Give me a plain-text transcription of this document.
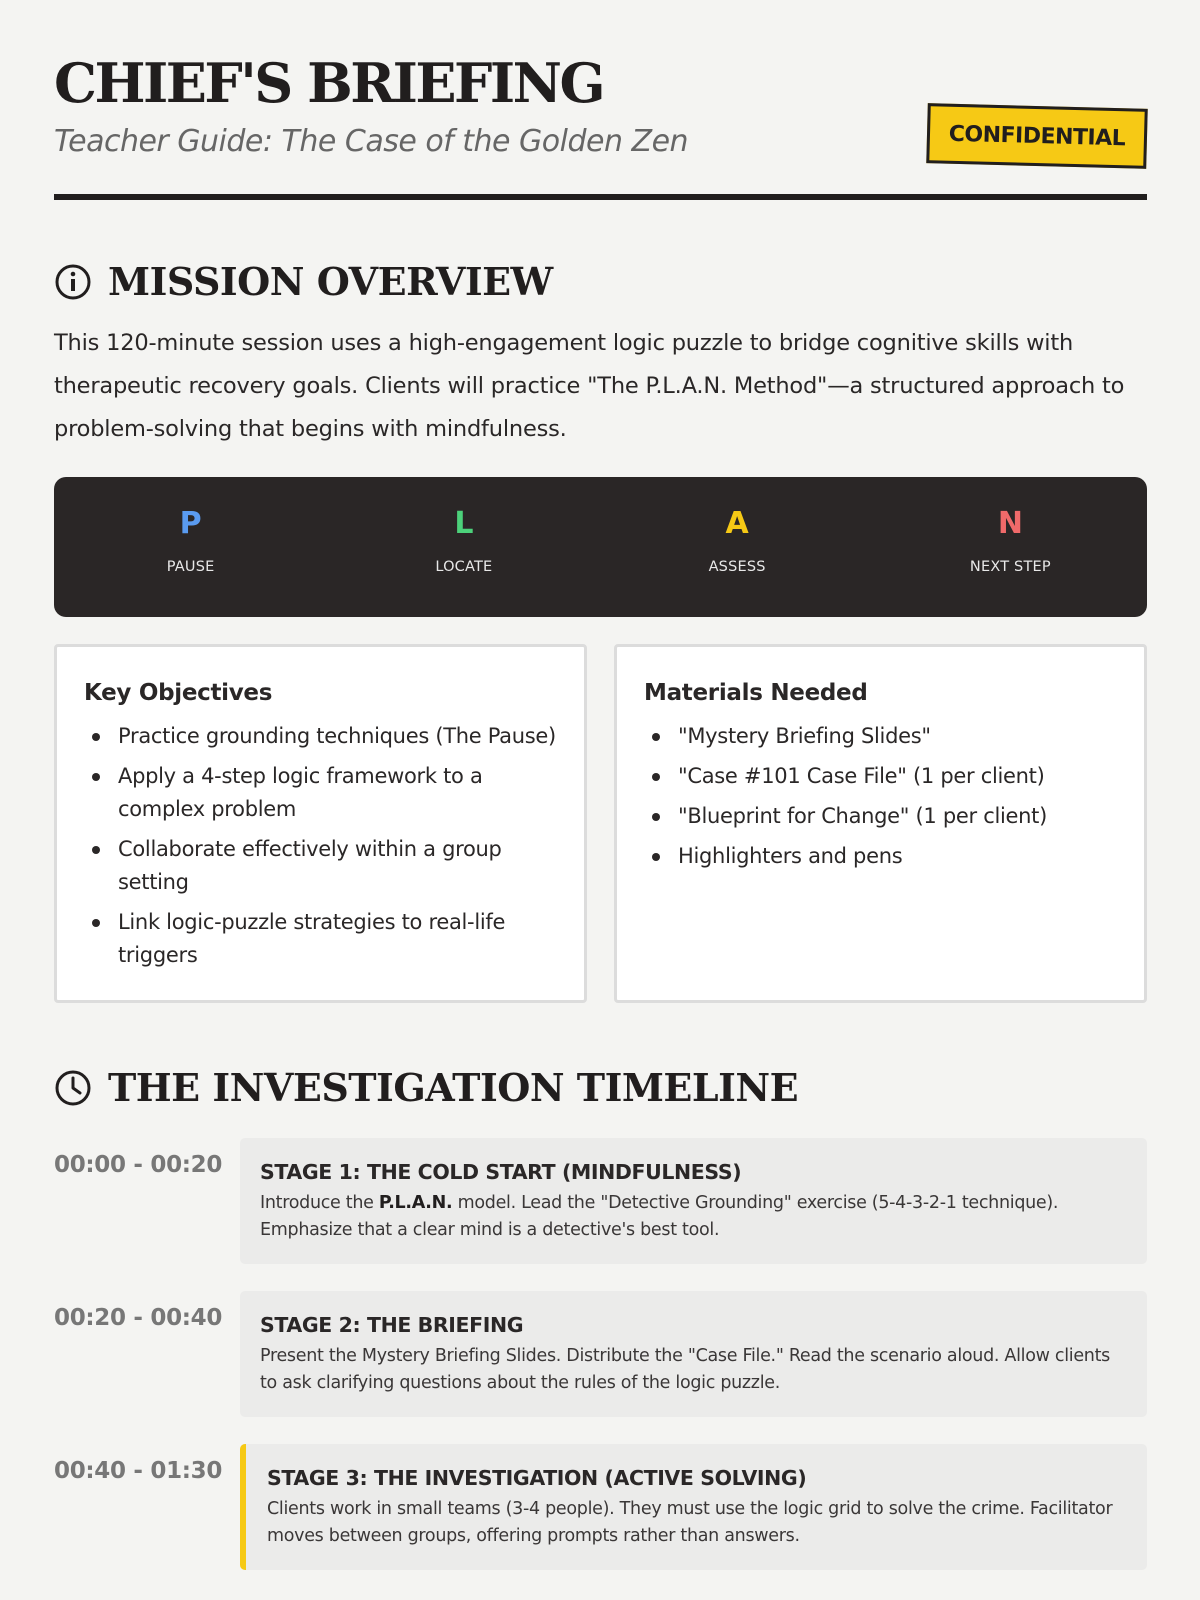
CHIEF'S BRIEFING
Teacher Guide: The Case of the Golden Zen	CONFIDENTIAL
MISSION OVERVIEW

This 120-minute session uses a high-engagement logic puzzle to bridge cognitive skills with therapeutic recovery goals. Clients will practice "The P.L.A.N. Method"—a structured approach to problem-solving that begins with mindfulness.

P
PAUSE
L
LOCATE
A
ASSESS
N
NEXT STEP
Key Objectives
Practice grounding techniques (The Pause)
Apply a 4-step logic framework to a complex problem
Collaborate effectively within a group setting
Link logic-puzzle strategies to real-life triggers
Materials Needed
"Mystery Briefing Slides"
"Case #101 Case File" (1 per client)
"Blueprint for Change" (1 per client)
Highlighters and pens
THE INVESTIGATION TIMELINE
00:00 - 00:20 STAGE 1: THE COLD START (MINDFULNESS)
Introduce the P.L.A.N. model. Lead the "Detective Grounding" exercise (5-4-3-2-1 technique). Emphasize that a clear mind is a detective's best tool.
00:20 - 00:40 STAGE 2: THE BRIEFING
Present the Mystery Briefing Slides. Distribute the "Case File." Read the scenario aloud. Allow clients to ask clarifying questions about the rules of the logic puzzle.
00:40 - 01:30 STAGE 3: THE INVESTIGATION (ACTIVE SOLVING)
Clients work in small teams (3-4 people). They must use the logic grid to solve the crime. Facilitator moves between groups, offering prompts rather than answers.
